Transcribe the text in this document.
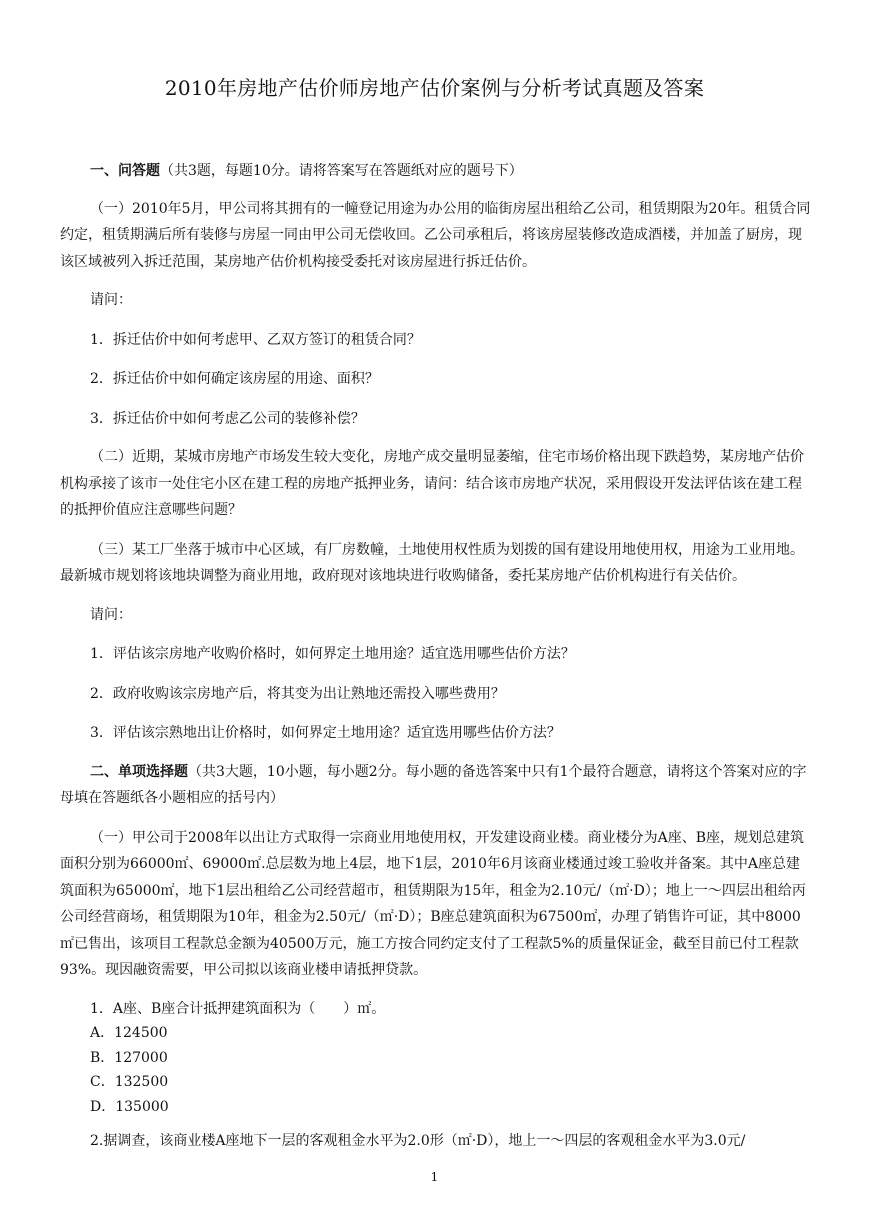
2010年房地产估价师房地产估价案例与分析考试真题及答案

一、问答题（共3题，每题10分。请将答案写在答题纸对应的题号下）

（一）2010年5月，甲公司将其拥有的一幢登记用途为办公用的临街房屋出租给乙公司，租赁期限为20年。租赁合同约定，租赁期满后所有装修与房屋一同由甲公司无偿收回。乙公司承租后，将该房屋装修改造成酒楼，并加盖了厨房，现该区域被列入拆迁范围，某房地产估价机构接受委托对该房屋进行拆迁估价。

请问：

1．拆迁估价中如何考虑甲、乙双方签订的租赁合同？

2．拆迁估价中如何确定该房屋的用途、面积？

3．拆迁估价中如何考虑乙公司的装修补偿？

（二）近期，某城市房地产市场发生较大变化，房地产成交量明显萎缩，住宅市场价格出现下跌趋势，某房地产估价机构承接了该市一处住宅小区在建工程的房地产抵押业务，请问：结合该市房地产状况，采用假设开发法评估该在建工程的抵押价值应注意哪些问题？

（三）某工厂坐落于城市中心区域，有厂房数幢，土地使用权性质为划拨的国有建设用地使用权，用途为工业用地。最新城市规划将该地块调整为商业用地，政府现对该地块进行收购储备，委托某房地产估价机构进行有关估价。

请问：

1．评估该宗房地产收购价格时，如何界定土地用途？适宜选用哪些估价方法？

2．政府收购该宗房地产后，将其变为出让熟地还需投入哪些费用？

3．评估该宗熟地出让价格时，如何界定土地用途？适宜选用哪些估价方法？

二、单项选择题（共3大题，10小题，每小题2分。每小题的备选答案中只有1个最符合题意，请将这个答案对应的字母填在答题纸各小题相应的括号内）

（一）甲公司于2008年以出让方式取得一宗商业用地使用权，开发建设商业楼。商业楼分为A座、B座，规划总建筑面积分别为66000㎡、69000㎡.总层数为地上4层，地下1层，2010年6月该商业楼通过竣工验收并备案。其中A座总建筑面积为65000㎡，地下1层出租给乙公司经营超市，租赁期限为15年，租金为2.10元/（㎡·D）；地上一～四层出租给丙公司经营商场，租赁期限为10年，租金为2.50元/（㎡·D）；B座总建筑面积为67500㎡，办理了销售许可证，其中8000㎡已售出，该项目工程款总金额为40500万元，施工方按合同约定支付了工程款5%的质量保证金，截至目前已付工程款93%。现因融资需要，甲公司拟以该商业楼申请抵押贷款。

1．A座、B座合计抵押建筑面积为（　　）㎡。

A．124500

B．127000

C．132500

D．135000

2.据调查，该商业楼A座地下一层的客观租金水平为2.0形（㎡·D），地上一～四层的客观租金水平为3.0元/

1
